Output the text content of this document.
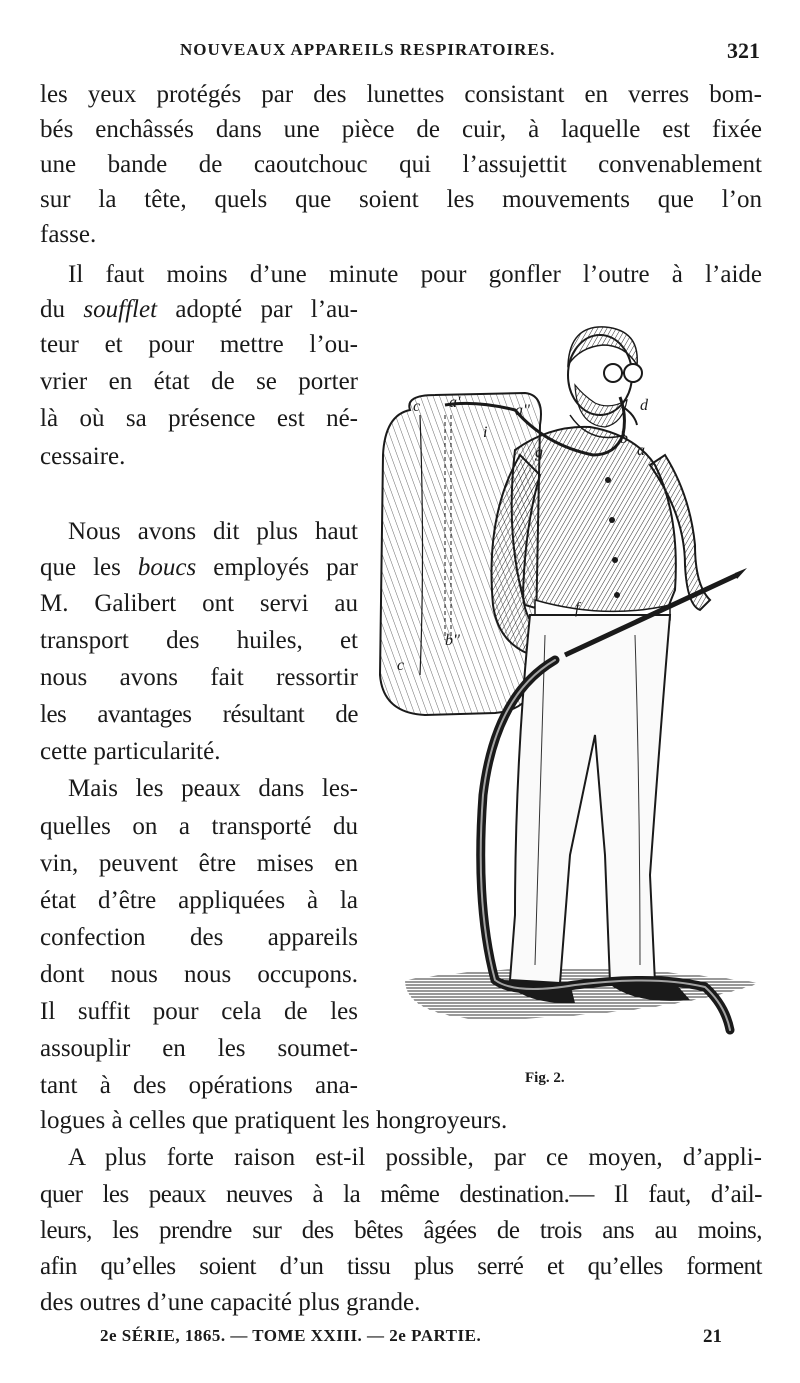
NOUVEAUX APPAREILS RESPIRATOIRES.	321
les yeux protégés par des lunettes consistant en verres bom-
bés enchâssés dans une pièce de cuir, à laquelle est fixée
une bande de caoutchouc qui l’assujettit convenablement
sur la tête, quels que soient les mouvements que l’on
fasse.
Il faut moins d’une minute pour gonfler l’outre à l’aide
du soufflet adopté par l’au-
teur et pour mettre l’ou-
vrier en état de se porter
là où sa présence est né-
cessaire.
Nous avons dit plus haut
que les boucs employés par
M. Galibert ont servi au
transport des huiles, et
nous avons fait ressortir
les avantages résultant de
cette particularité.
Mais les peaux dans les-
quelles on a transporté du
vin, peuvent être mises en
état d’être appliquées à la
confection des appareils
dont nous nous occupons.
Il suffit pour cela de les
assouplir en les soumet-
tant à des opérations ana-
logues à celles que pratiquent les hongroyeurs.
A plus forte raison est-il possible, par ce moyen, d’appli-
quer les peaux neuves à la même destination.— Il faut, d’ail-
leurs, les prendre sur des bêtes âgées de trois ans au moins,
afin qu’elles soient d’un tissu plus serré et qu’elles forment
des outres d’une capacité plus grande.
c a'	a''	d
i	b
a
g
f
b''
c
Fig. 2.
2e SÉRIE, 1865. — TOME XXIII. — 2e PARTIE.	21
